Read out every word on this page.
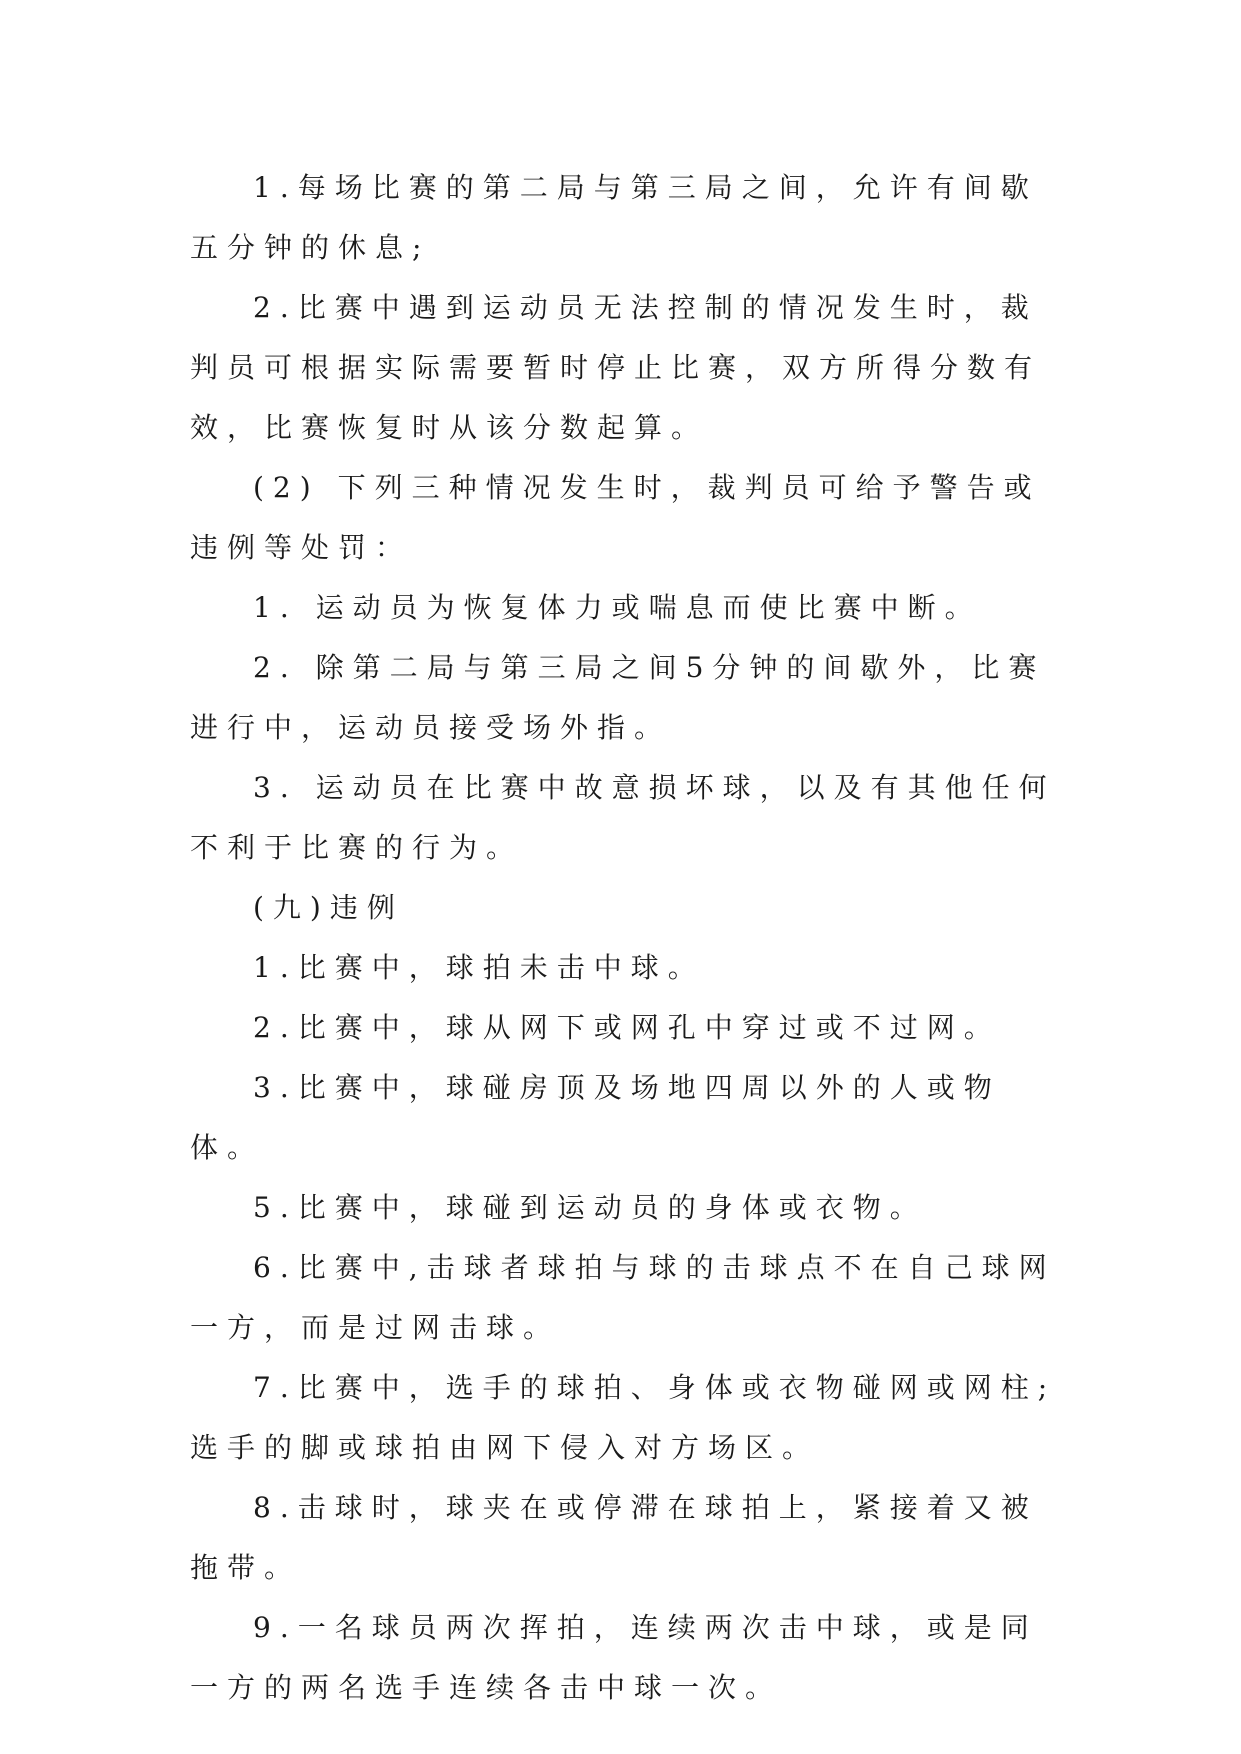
1.每场比赛的第二局与第三局之间，允许有间歇五分钟的休息;

2.比赛中遇到运动员无法控制的情况发生时，裁判员可根据实际需要暂时停止比赛，双方所得分数有效，比赛恢复时从该分数起算。

(2) 下列三种情况发生时，裁判员可给予警告或违例等处罚：

1. 运动员为恢复体力或喘息而使比赛中断。

2. 除第二局与第三局之间5分钟的间歇外，比赛进行中，运动员接受场外指。

3. 运动员在比赛中故意损坏球，以及有其他任何不利于比赛的行为。

(九)违例

1.比赛中，球拍未击中球。

2.比赛中，球从网下或网孔中穿过或不过网。

3.比赛中，球碰房顶及场地四周以外的人或物体。

5.比赛中，球碰到运动员的身体或衣物。

6.比赛中,击球者球拍与球的击球点不在自己球网一方，而是过网击球。

7.比赛中，选手的球拍、身体或衣物碰网或网柱;选手的脚或球拍由网下侵入对方场区。

8.击球时，球夹在或停滞在球拍上，紧接着又被拖带。

9.一名球员两次挥拍，连续两次击中球，或是同一方的两名选手连续各击中球一次。
